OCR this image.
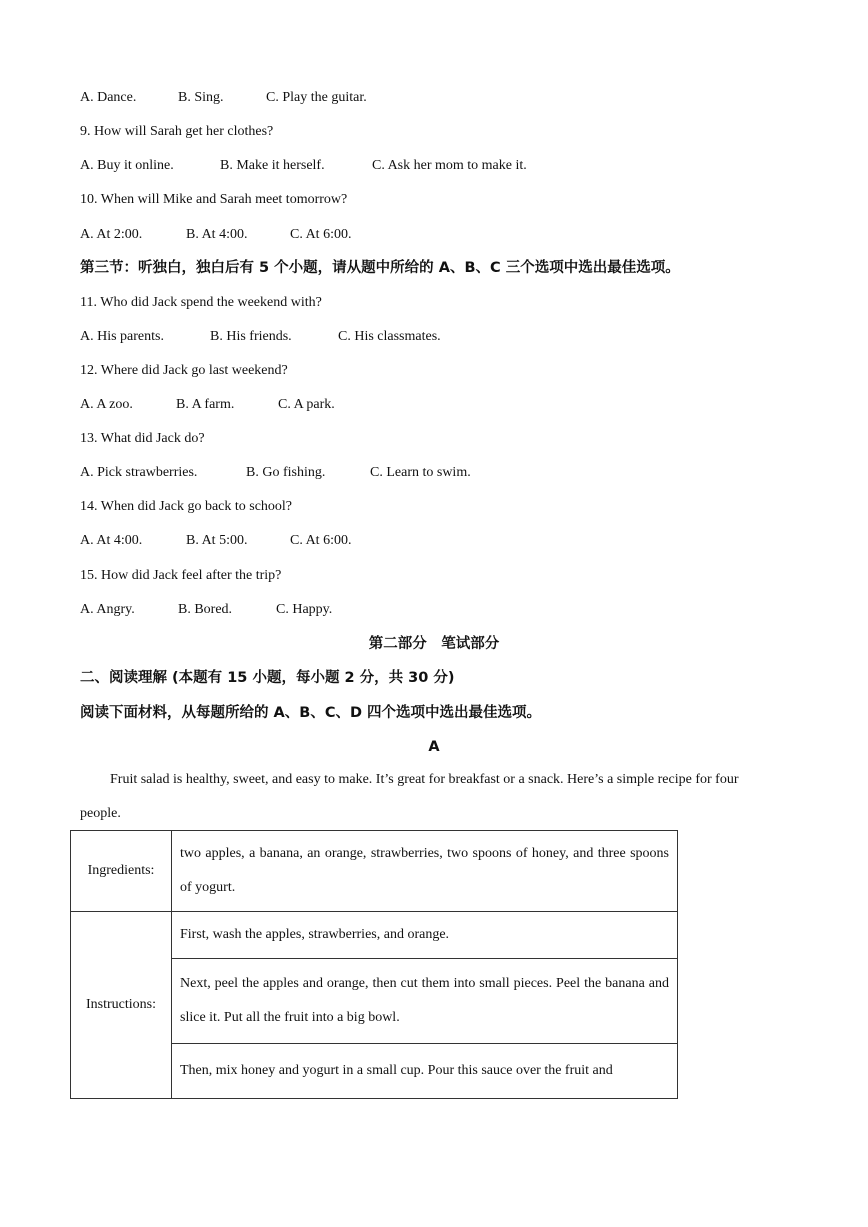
A. Dance.	B. Sing.	C. Play the guitar.
9. How will Sarah get her clothes?
A. Buy it online.	B. Make it herself.	C. Ask her mom to make it.
10. When will Mike and Sarah meet tomorrow?
A. At 2:00.	B. At 4:00.	C. At 6:00.
第三节：听独白，独白后有 5 个小题，请从题中所给的 A、B、C 三个选项中选出最佳选项。
11. Who did Jack spend the weekend with?
A. His parents.	B. His friends.	C. His classmates.
12. Where did Jack go last weekend?
A. A zoo.	B. A farm.	C. A park.
13. What did Jack do?
A. Pick strawberries.	B. Go fishing.	C. Learn to swim.
14. When did Jack go back to school?
A. At 4:00.	B. At 5:00.	C. At 6:00.
15. How did Jack feel after the trip?
A. Angry.	B. Bored.	C. Happy.
第二部分　笔试部分
二、阅读理解 (本题有 15 小题，每小题 2 分，共 30 分)
阅读下面材料，从每题所给的 A、B、C、D 四个选项中选出最佳选项。
A
Fruit salad is healthy, sweet, and easy to make. It’s great for breakfast or a snack. Here’s a simple recipe for four people.
Ingredients:	two apples, a banana, an orange, strawberries, two spoons of honey, and three spoons of yogurt.
Instructions:	First, wash the apples, strawberries, and orange.
	Next, peel the apples and orange, then cut them into small pieces. Peel the banana and slice it. Put all the fruit into a big bowl.
	Then, mix honey and yogurt in a small cup. Pour this sauce over the fruit and
